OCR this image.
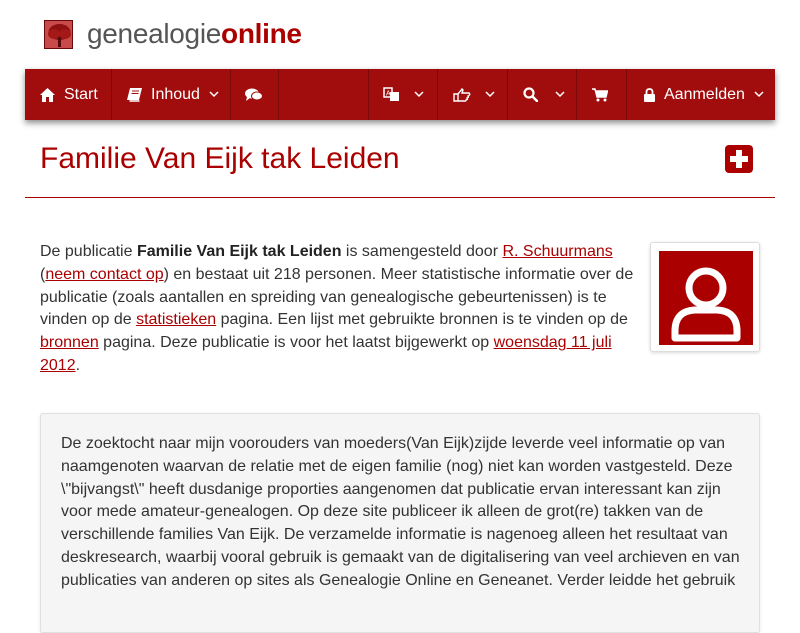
genealogieonline
Start	Inhoud	A	Aanmelden
Familie Van Eijk tak Leiden

De publicatie Familie Van Eijk tak Leiden is samengesteld door R. Schuurmans (neem contact op) en bestaat uit 218 personen. Meer statistische informatie over de publicatie (zoals aantallen en spreiding van genealogische gebeurtenissen) is te vinden op de statistieken pagina. Een lijst met gebruikte bronnen is te vinden op de bronnen pagina. Deze publicatie is voor het laatst bijgewerkt op woensdag 11 juli 2012.

De zoektocht naar mijn voorouders van moeders(Van Eijk)zijde leverde veel informatie op van naamgenoten waarvan de relatie met de eigen familie (nog) niet kan worden vastgesteld. Deze \"bijvangst\" heeft dusdanige proporties aangenomen dat publicatie ervan interessant kan zijn voor mede amateur-genealogen. Op deze site publiceer ik alleen de grot(re) takken van de verschillende families Van Eijk. De verzamelde informatie is nagenoeg alleen het resultaat van deskresearch, waarbij vooral gebruik is gemaakt van de digitalisering van veel archieven en van publicaties van anderen op sites als Genealogie Online en Geneanet. Verder leidde het gebruik
